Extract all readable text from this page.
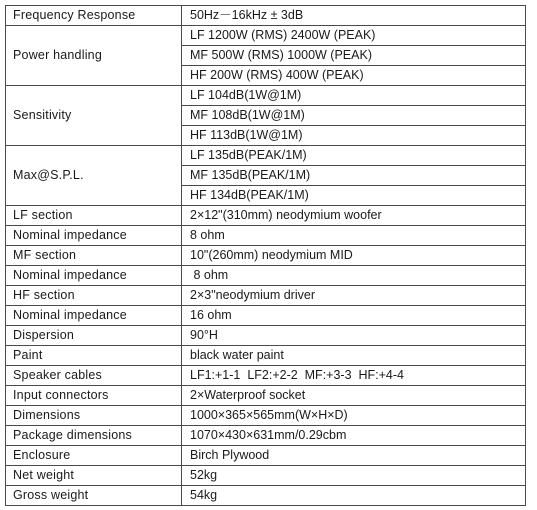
Frequency Response	50Hz－16kHz ± 3dB
Power handling	LF 1200W (RMS) 2400W (PEAK)
	MF 500W (RMS) 1000W (PEAK)
	HF 200W (RMS) 400W (PEAK)
Sensitivity	LF 104dB(1W@1M)
	MF 108dB(1W@1M)
	HF 113dB(1W@1M)
Max@S.P.L.	LF 135dB(PEAK/1M)
	MF 135dB(PEAK/1M)
	HF 134dB(PEAK/1M)
LF section	2×12"(310mm) neodymium woofer
Nominal impedance	8 ohm
MF section	10"(260mm) neodymium MID
Nominal impedance	8 ohm
HF section	2×3"neodymium driver
Nominal impedance	16 ohm
Dispersion	90°H
Paint	black water paint
Speaker cables	LF1:+1-1  LF2:+2-2  MF:+3-3  HF:+4-4
Input connectors	2×Waterproof socket
Dimensions	1000×365×565mm(W×H×D)
Package dimensions	1070×430×631mm/0.29cbm
Enclosure	Birch Plywood
Net weight	52kg
Gross weight	54kg
